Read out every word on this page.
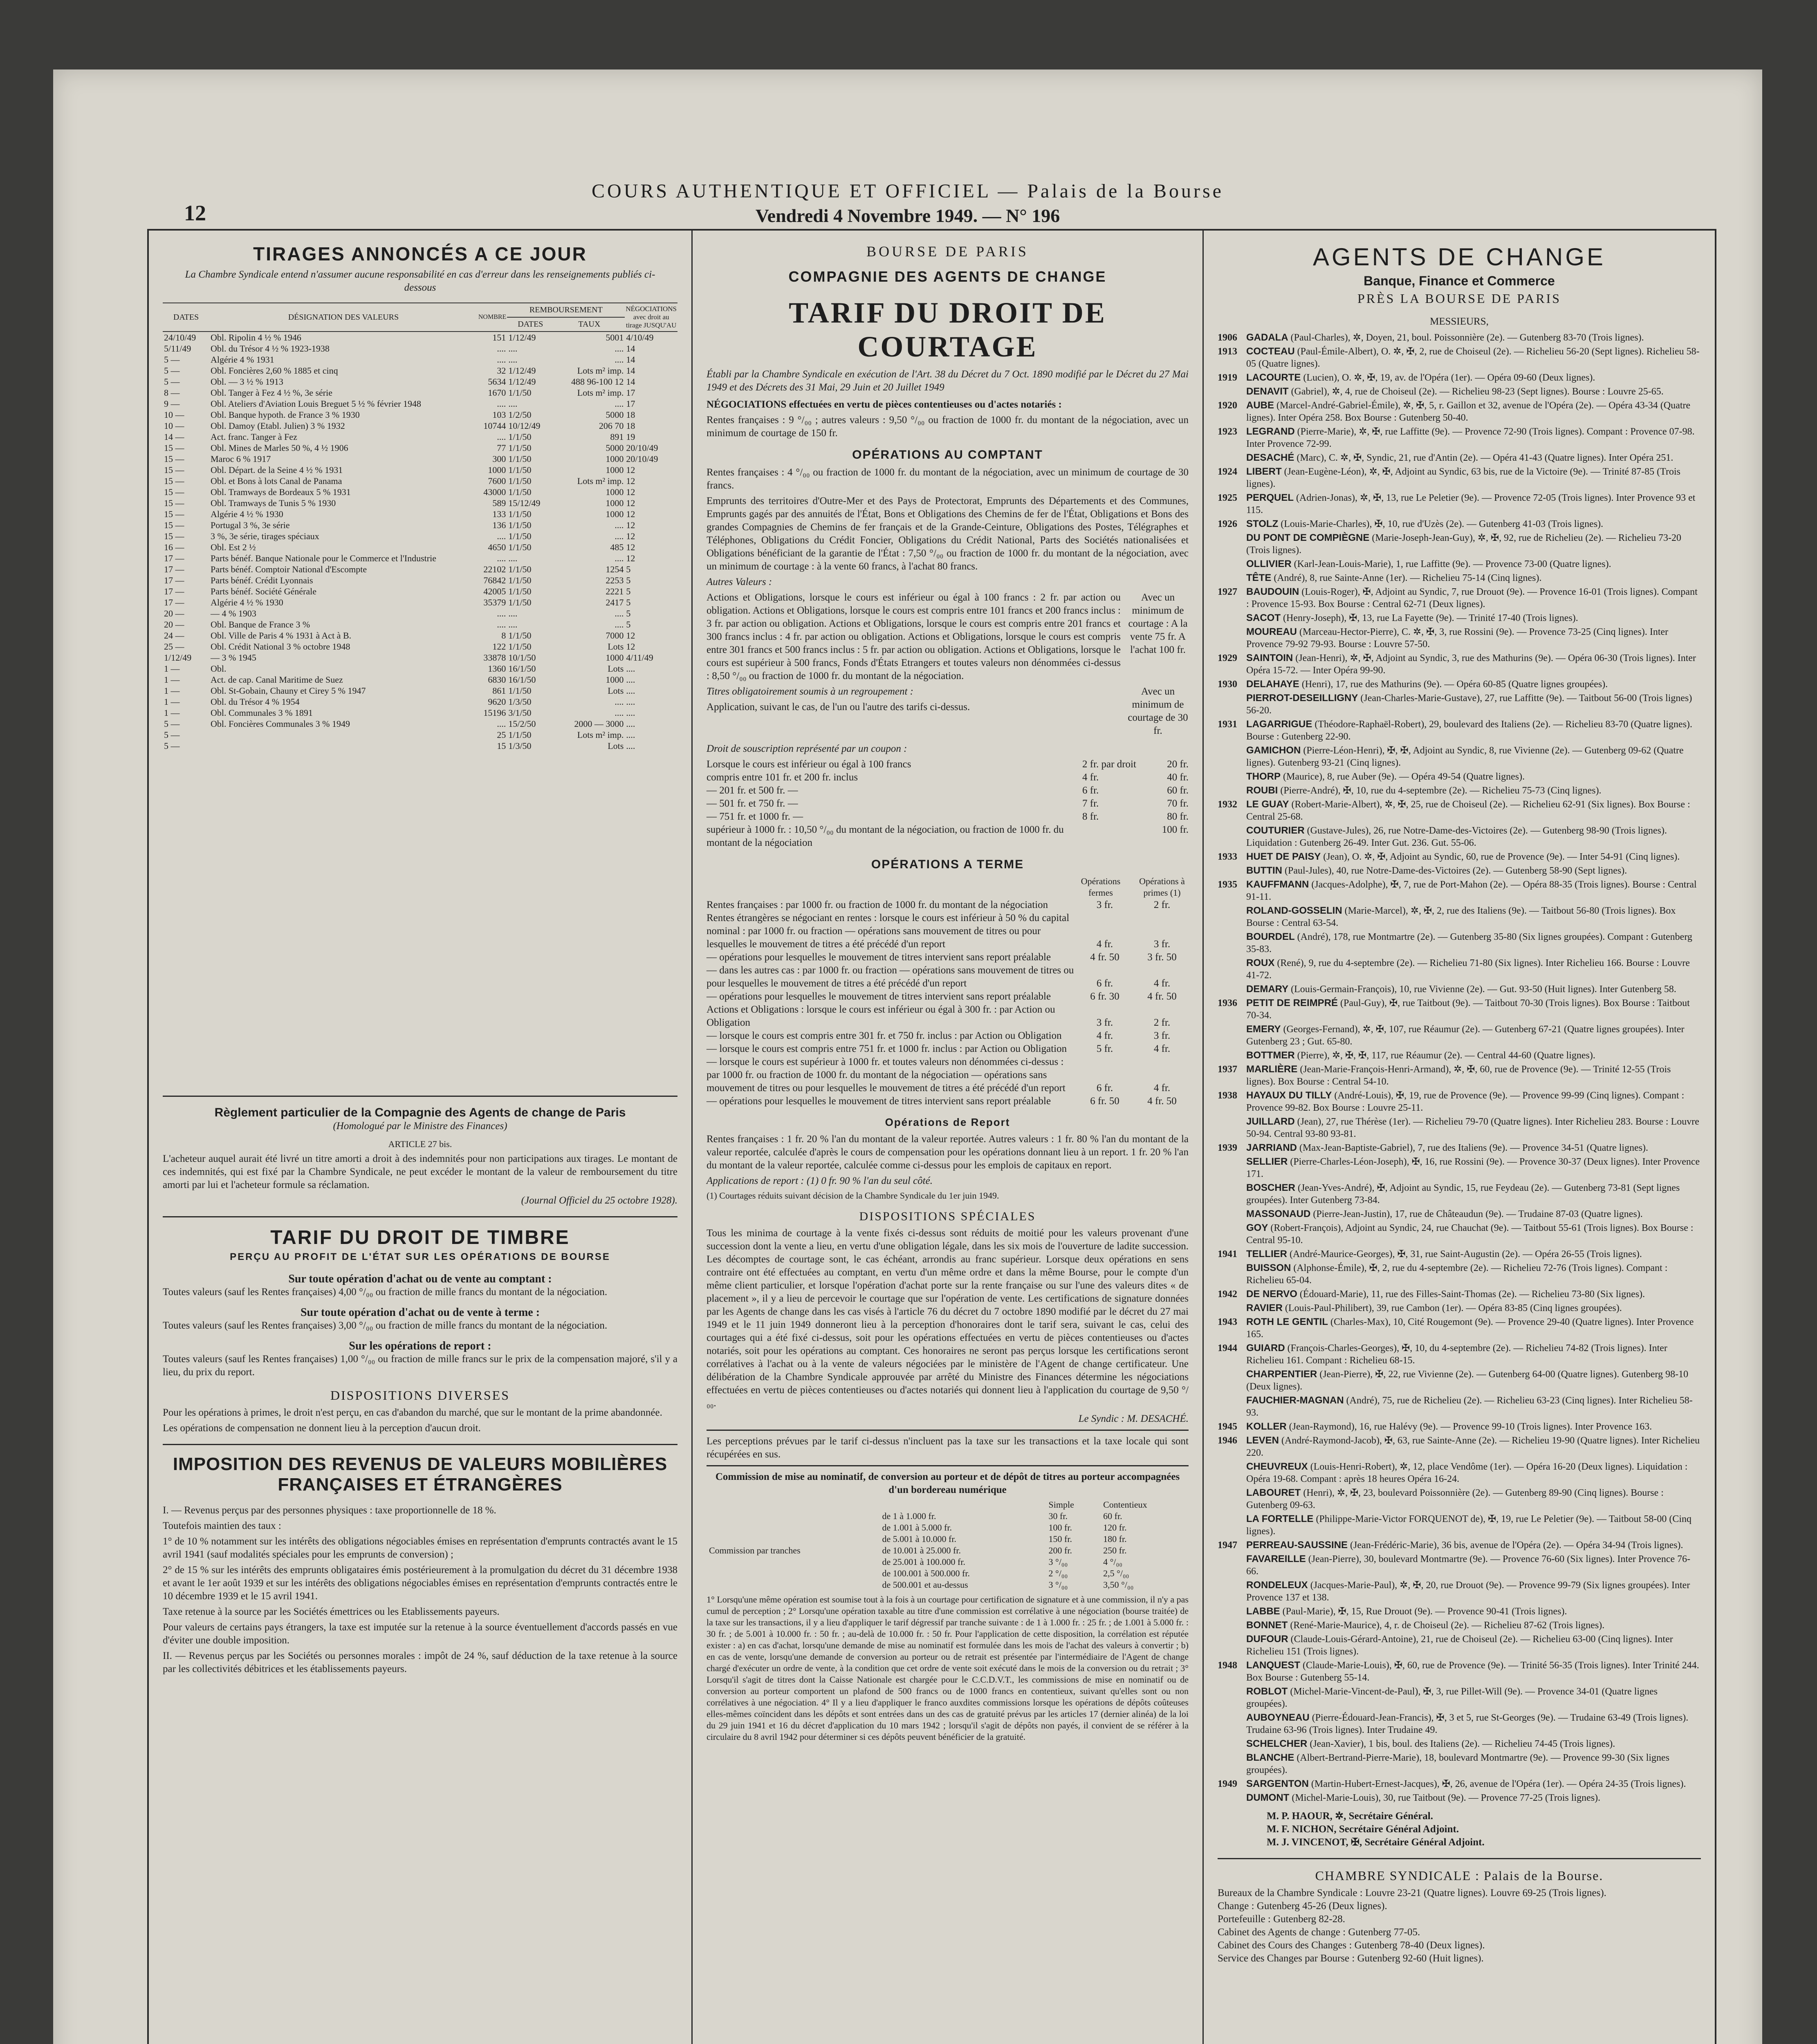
12
COURS AUTHENTIQUE ET OFFICIEL — Palais de la Bourse
Vendredi 4 Novembre 1949. — N° 196
TIRAGES ANNONCÉS A CE JOUR
La Chambre Syndicale entend n'assumer aucune responsabilité en cas d'erreur dans les renseignements publiés ci-dessous
DATES	DÉSIGNATION DES VALEURS	NOMBRE	REMBOURSEMENT		NÉGOCIATIONS avec droit au tirage JUSQU'AU
			DATES	TAUX	
24/10/49	Obl. Ripolin 4 ½ % 1946	151	1/12/49	5001	4/10/49
5/11/49	Obl. du Trésor 4 ½ % 1923-1938	....	....	....	14
5 —	Algérie 4 % 1931	....	....	....	14
5 —	Obl. Foncières 2,60 % 1885 et cinq	32	1/12/49	Lots m² imp.	14
5 —	Obl. — 3 ½ % 1913	5634	1/12/49	488 96-100 12	14
8 —	Obl. Tanger à Fez 4 ½ %, 3e série	1670	1/1/50	Lots m² imp.	17
9 —	Obl. Ateliers d'Aviation Louis Breguet 5 ½ % février 1948	....	....	....	17
10 —	Obl. Banque hypoth. de France 3 % 1930	103	1/2/50	5000	18
10 —	Obl. Damoy (Etabl. Julien) 3 % 1932	10744	10/12/49	206 70	18
14 —	Act. franc. Tanger à Fez	....	1/1/50	891	19
15 —	Obl. Mines de Marles 50 %, 4 ½ 1906	77	1/1/50	5000	20/10/49
15 —	Maroc 6 % 1917	300	1/1/50	1000	20/10/49
15 —	Obl. Départ. de la Seine 4 ½ % 1931	1000	1/1/50	1000	12
15 —	Obl. et Bons à lots Canal de Panama	7600	1/1/50	Lots m² imp.	12
15 —	Obl. Tramways de Bordeaux 5 % 1931	43000	1/1/50	1000	12
15 —	Obl. Tramways de Tunis 5 % 1930	589	15/12/49	1000	12
15 —	Algérie 4 ½ % 1930	133	1/1/50	1000	12
15 —	Portugal 3 %, 3e série	136	1/1/50	....	12
15 —	3 %, 3e série, tirages spéciaux	....	1/1/50	....	12
16 —	Obl. Est 2 ½	4650	1/1/50	485	12
17 —	Parts bénéf. Banque Nationale pour le Commerce et l'Industrie	....	....	....	12
17 —	Parts bénéf. Comptoir National d'Escompte	22102	1/1/50	1254	5
17 —	Parts bénéf. Crédit Lyonnais	76842	1/1/50	2253	5
17 —	Parts bénéf. Société Générale	42005	1/1/50	2221	5
17 —	Algérie 4 ½ % 1930	35379	1/1/50	2417	5
20 —	— 4 % 1903	....	....	....	5
20 —	Obl. Banque de France 3 %	....	....	....	5
24 —	Obl. Ville de Paris 4 % 1931 à Act à B.	8	1/1/50	7000	12
25 —	Obl. Crédit National 3 % octobre 1948	122	1/1/50	Lots	12
1/12/49	— 3 % 1945	33878	10/1/50	1000	4/11/49
1 —	Obl.	1360	16/1/50	Lots	....
1 —	Act. de cap. Canal Maritime de Suez	6830	16/1/50	1000	....
1 —	Obl. St-Gobain, Chauny et Cirey 5 % 1947	861	1/1/50	Lots	....
1 —	Obl. du Trésor 4 % 1954	9620	1/3/50	....	....
1 —	Obl. Communales 3 % 1891	15196	3/1/50	....	....
5 —	Obl. Foncières Communales 3 % 1949	....	15/2/50	2000 — 3000	....
5 —		25	1/1/50	Lots m² imp.	....
5 —		15	1/3/50	Lots	....
Règlement particulier de la Compagnie des Agents de change de Paris
(Homologué par le Ministre des Finances)
ARTICLE 27 bis.

L'acheteur auquel aurait été livré un titre amorti a droit à des indemnités pour non participations aux tirages. Le montant de ces indemnités, qui est fixé par la Chambre Syndicale, ne peut excéder le montant de la valeur de remboursement du titre amorti par lui et l'acheteur formule sa réclamation.

(Journal Officiel du 25 octobre 1928).

TARIF DU DROIT DE TIMBRE
PERÇU AU PROFIT DE L'ÉTAT SUR LES OPÉRATIONS DE BOURSE
Sur toute opération d'achat ou de vente au comptant :

Toutes valeurs (sauf les Rentes françaises) 4,00 °/₀₀ ou fraction de mille francs du montant de la négociation.

Sur toute opération d'achat ou de vente à terme :

Toutes valeurs (sauf les Rentes françaises) 3,00 °/₀₀ ou fraction de mille francs du montant de la négociation.

Sur les opérations de report :

Toutes valeurs (sauf les Rentes françaises) 1,00 °/₀₀ ou fraction de mille francs sur le prix de la compensation majoré, s'il y a lieu, du prix du report.

DISPOSITIONS DIVERSES

Pour les opérations à primes, le droit n'est perçu, en cas d'abandon du marché, que sur le montant de la prime abandonnée.

Les opérations de compensation ne donnent lieu à la perception d'aucun droit.

IMPOSITION DES REVENUS DE VALEURS MOBILIÈRES
FRANÇAISES ET ÉTRANGÈRES

I. — Revenus perçus par des personnes physiques : taxe proportionnelle de 18 %.

Toutefois maintien des taux :

1° de 10 % notamment sur les intérêts des obligations négociables émises en représentation d'emprunts contractés avant le 15 avril 1941 (sauf modalités spéciales pour les emprunts de conversion) ;

2° de 15 % sur les intérêts des emprunts obligataires émis postérieurement à la promulgation du décret du 31 décembre 1938 et avant le 1er août 1939 et sur les intérêts des obligations négociables émises en représentation d'emprunts contractés entre le 10 décembre 1939 et le 15 avril 1941.

Taxe retenue à la source par les Sociétés émettrices ou les Etablissements payeurs.

Pour valeurs de certains pays étrangers, la taxe est imputée sur la retenue à la source éventuellement d'accords passés en vue d'éviter une double imposition.

II. — Revenus perçus par les Sociétés ou personnes morales : impôt de 24 %, sauf déduction de la taxe retenue à la source par les collectivités débitrices et les établissements payeurs.

BOURSE DE PARIS
COMPAGNIE DES AGENTS DE CHANGE
TARIF DU DROIT DE COURTAGE

Établi par la Chambre Syndicale en exécution de l'Art. 38 du Décret du 7 Oct. 1890 modifié par le Décret du 27 Mai 1949 et des Décrets des 31 Mai, 29 Juin et 20 Juillet 1949

NÉGOCIATIONS effectuées en vertu de pièces contentieuses ou d'actes notariés :

Rentes françaises : 9 °/₀₀ ; autres valeurs : 9,50 °/₀₀ ou fraction de 1000 fr. du montant de la négociation, avec un minimum de courtage de 150 fr.

OPÉRATIONS AU COMPTANT

Rentes françaises : 4 °/₀₀ ou fraction de 1000 fr. du montant de la négociation, avec un minimum de courtage de 30 francs.

Emprunts des territoires d'Outre-Mer et des Pays de Protectorat, Emprunts des Départements et des Communes, Emprunts gagés par des annuités de l'État, Bons et Obligations des Chemins de fer de l'État, Obligations et Bons des grandes Compagnies de Chemins de fer français et de la Grande-Ceinture, Obligations des Postes, Télégraphes et Téléphones, Obligations du Crédit Foncier, Obligations du Crédit National, Parts des Sociétés nationalisées et Obligations bénéficiant de la garantie de l'État : 7,50 °/₀₀ ou fraction de 1000 fr. du montant de la négociation, avec un minimum de courtage : à la vente 60 francs, à l'achat 80 francs.

Autres Valeurs :

Actions et Obligations, lorsque le cours est inférieur ou égal à 100 francs : 2 fr. par action ou obligation. Actions et Obligations, lorsque le cours est compris entre 101 francs et 200 francs inclus : 3 fr. par action ou obligation. Actions et Obligations, lorsque le cours est compris entre 201 francs et 300 francs inclus : 4 fr. par action ou obligation. Actions et Obligations, lorsque le cours est compris entre 301 francs et 500 francs inclus : 5 fr. par action ou obligation. Actions et Obligations, lorsque le cours est supérieur à 500 francs, Fonds d'États Etrangers et toutes valeurs non dénommées ci-dessus : 8,50 °/₀₀ ou fraction de 1000 fr. du montant de la négociation.

Avec un minimum de courtage : A la vente 75 fr. A l'achat 100 fr.

Titres obligatoirement soumis à un regroupement :

Application, suivant le cas, de l'un ou l'autre des tarifs ci-dessus.

Avec un minimum de courtage de 30 fr.

Droit de souscription représenté par un coupon :

Lorsque le cours est inférieur ou égal à 100 francs	2 fr. par droit	20 fr.
compris entre 101 fr. et 200 fr. inclus	4 fr.	40 fr.
— 201 fr. et 500 fr. —	6 fr.	60 fr.
— 501 fr. et 750 fr. —	7 fr.	70 fr.
— 751 fr. et 1000 fr. —	8 fr.	80 fr.
supérieur à 1000 fr. : 10,50 °/₀₀ du montant de la négociation, ou fraction de 1000 fr. du montant de la négociation
100 fr.
OPÉRATIONS A TERME
Opérations fermes
Opérations à primes (1)
Rentes françaises : par 1000 fr. ou fraction de 1000 fr. du montant de la négociation	3 fr.	2 fr.
Rentes étrangères se négociant en rentes : lorsque le cours est inférieur à 50 % du capital nominal : par 1000 fr. ou fraction — opérations sans mouvement de titres ou pour lesquelles le mouvement de titres a été précédé d'un report	4 fr.	3 fr.
— opérations pour lesquelles le mouvement de titres intervient sans report préalable	4 fr. 50	3 fr. 50
— dans les autres cas : par 1000 fr. ou fraction — opérations sans mouvement de titres ou pour lesquelles le mouvement de titres a été précédé d'un report	6 fr.	4 fr.
— opérations pour lesquelles le mouvement de titres intervient sans report préalable	6 fr. 30	4 fr. 50
Actions et Obligations : lorsque le cours est inférieur ou égal à 300 fr. : par Action ou Obligation	3 fr.	2 fr.
— lorsque le cours est compris entre 301 fr. et 750 fr. inclus : par Action ou Obligation	4 fr.	3 fr.
— lorsque le cours est compris entre 751 fr. et 1000 fr. inclus : par Action ou Obligation	5 fr.	4 fr.
— lorsque le cours est supérieur à 1000 fr. et toutes valeurs non dénommées ci-dessus : par 1000 fr. ou fraction de 1000 fr. du montant de la négociation — opérations sans mouvement de titres ou pour lesquelles le mouvement de titres a été précédé d'un report	6 fr.	4 fr.
— opérations pour lesquelles le mouvement de titres intervient sans report préalable	6 fr. 50	4 fr. 50
Opérations de Report

Rentes françaises : 1 fr. 20 % l'an du montant de la valeur reportée. Autres valeurs : 1 fr. 80 % l'an du montant de la valeur reportée, calculée d'après le cours de compensation pour les opérations donnant lieu à un report. 1 fr. 20 % l'an du montant de la valeur reportée, calculée comme ci-dessus pour les emplois de capitaux en report.

Applications de report : (1) 0 fr. 90 % l'an du seul côté.

(1) Courtages réduits suivant décision de la Chambre Syndicale du 1er juin 1949.

DISPOSITIONS SPÉCIALES

Tous les minima de courtage à la vente fixés ci-dessus sont réduits de moitié pour les valeurs provenant d'une succession dont la vente a lieu, en vertu d'une obligation légale, dans les six mois de l'ouverture de ladite succession. Les décomptes de courtage sont, le cas échéant, arrondis au franc supérieur. Lorsque deux opérations en sens contraire ont été effectuées au comptant, en vertu d'un même ordre et dans la même Bourse, pour le compte d'un même client particulier, et lorsque l'opération d'achat porte sur la rente française ou sur l'une des valeurs dites « de placement », il y a lieu de percevoir le courtage que sur l'opération de vente. Les certifications de signature données par les Agents de change dans les cas visés à l'article 76 du décret du 7 octobre 1890 modifié par le décret du 27 mai 1949 et le 11 juin 1949 donneront lieu à la perception d'honoraires dont le tarif sera, suivant le cas, celui des courtages qui a été fixé ci-dessus, soit pour les opérations effectuées en vertu de pièces contentieuses ou d'actes notariés, soit pour les opérations au comptant. Ces honoraires ne seront pas perçus lorsque les certifications seront corrélatives à l'achat ou à la vente de valeurs négociées par le ministère de l'Agent de change certificateur. Une délibération de la Chambre Syndicale approuvée par arrêté du Ministre des Finances détermine les négociations effectuées en vertu de pièces contentieuses ou d'actes notariés qui donnent lieu à l'application du courtage de 9,50 °/₀₀.

Le Syndic : M. DESACHÉ.

Les perceptions prévues par le tarif ci-dessus n'incluent pas la taxe sur les transactions et la taxe locale qui sont récupérées en sus.

Commission de mise au nominatif, de conversion au porteur et de dépôt de titres au porteur accompagnées d'un bordereau numérique

		Simple	Contentieux
	de 1 à 1.000 fr.	30 fr.	60 fr.
	de 1.001 à 5.000 fr.	100 fr.	120 fr.
	de 5.001 à 10.000 fr.	150 fr.	180 fr.
Commission par tranches	de 10.001 à 25.000 fr.	200 fr.	250 fr.
	de 25.001 à 100.000 fr.	3 °/₀₀	4 °/₀₀
	de 100.001 à 500.000 fr.	2 °/₀₀	2,5 °/₀₀
	de 500.001 et au-dessus	3 °/₀₀	3,50 °/₀₀

1° Lorsqu'une même opération est soumise tout à la fois à un courtage pour certification de signature et à une commission, il n'y a pas cumul de perception ; 2° Lorsqu'une opération taxable au titre d'une commission est corrélative à une négociation (bourse traitée) de la taxe sur les transactions, il y a lieu d'appliquer le tarif dégressif par tranche suivante : de 1 à 1.000 fr. : 25 fr. ; de 1.001 à 5.000 fr. : 30 fr. ; de 5.001 à 10.000 fr. : 50 fr. ; au-delà de 10.000 fr. : 50 fr. Pour l'application de cette disposition, la corrélation est réputée exister : a) en cas d'achat, lorsqu'une demande de mise au nominatif est formulée dans les mois de l'achat des valeurs à convertir ; b) en cas de vente, lorsqu'une demande de conversion au porteur ou de retrait est présentée par l'intermédiaire de l'Agent de change chargé d'exécuter un ordre de vente, à la condition que cet ordre de vente soit exécuté dans le mois de la conversion ou du retrait ; 3° Lorsqu'il s'agit de titres dont la Caisse Nationale est chargée pour le C.C.D.V.T., les commissions de mise en nominatif ou de conversion au porteur comportent un plafond de 500 francs ou de 1000 francs en contentieux, suivant qu'elles sont ou non corrélatives à une négociation. 4° Il y a lieu d'appliquer le franco auxdites commissions lorsque les opérations de dépôts coûteuses elles-mêmes coïncident dans les dépôts et sont entrées dans un des cas de gratuité prévus par les articles 17 (dernier alinéa) de la loi du 29 juin 1941 et 16 du décret d'application du 10 mars 1942 ; lorsqu'il s'agit de dépôts non payés, il convient de se référer à la circulaire du 8 avril 1942 pour déterminer si ces dépôts peuvent bénéficier de la gratuité.

AGENTS DE CHANGE
Banque, Finance et Commerce
PRÈS LA BOURSE DE PARIS
MESSIEURS,
1906 GADALA (Paul-Charles), ✲, Doyen, 21, boul. Poissonnière (2e). — Gutenberg 83-70 (Trois lignes).
1913 COCTEAU (Paul-Émile-Albert), O. ✲, ✠, 2, rue de Choiseul (2e). — Richelieu 56-20 (Sept lignes). Richelieu 58-05 (Quatre lignes).
1919 LACOURTE (Lucien), O. ✲, ✠, 19, av. de l'Opéra (1er). — Opéra 09-60 (Deux lignes).
DENAVIT (Gabriel), ✲, 4, rue de Choiseul (2e). — Richelieu 98-23 (Sept lignes). Bourse : Louvre 25-65.
1920 AUBE (Marcel-André-Gabriel-Émile), ✲, ✠, 5, r. Gaillon et 32, avenue de l'Opéra (2e). — Opéra 43-34 (Quatre lignes). Inter Opéra 258. Box Bourse : Gutenberg 50-40.
1923 LEGRAND (Pierre-Marie), ✲, ✠, rue Laffitte (9e). — Provence 72-90 (Trois lignes). Compant : Provence 07-98. Inter Provence 72-99.
DESACHÉ (Marc), C. ✲, ✠, Syndic, 21, rue d'Antin (2e). — Opéra 41-43 (Quatre lignes). Inter Opéra 251.
1924 LIBERT (Jean-Eugène-Léon), ✲, ✠, Adjoint au Syndic, 63 bis, rue de la Victoire (9e). — Trinité 87-85 (Trois lignes).
1925 PERQUEL (Adrien-Jonas), ✲, ✠, 13, rue Le Peletier (9e). — Provence 72-05 (Trois lignes). Inter Provence 93 et 115.
1926 STOLZ (Louis-Marie-Charles), ✠, 10, rue d'Uzès (2e). — Gutenberg 41-03 (Trois lignes).
DU PONT DE COMPIÈGNE (Marie-Joseph-Jean-Guy), ✲, ✠, 92, rue de Richelieu (2e). — Richelieu 73-20 (Trois lignes).
OLLIVIER (Karl-Jean-Louis-Marie), 1, rue Laffitte (9e). — Provence 73-00 (Quatre lignes).
TÊTE (André), 8, rue Sainte-Anne (1er). — Richelieu 75-14 (Cinq lignes).
1927 BAUDOUIN (Louis-Roger), ✠, Adjoint au Syndic, 7, rue Drouot (9e). — Provence 16-01 (Trois lignes). Compant : Provence 15-93. Box Bourse : Central 62-71 (Deux lignes).
SACOT (Henry-Joseph), ✠, 13, rue La Fayette (9e). — Trinité 17-40 (Trois lignes).
MOUREAU (Marceau-Hector-Pierre), C. ✲, ✠, 3, rue Rossini (9e). — Provence 73-25 (Cinq lignes). Inter Provence 79-92 79-93. Bourse : Louvre 57-50.
1929 SAINTOIN (Jean-Henri), ✲, ✠, Adjoint au Syndic, 3, rue des Mathurins (9e). — Opéra 06-30 (Trois lignes). Inter Opéra 15-72. — Inter Opéra 99-90.
1930 DELAHAYE (Henri), 17, rue des Mathurins (9e). — Opéra 60-85 (Quatre lignes groupées).
PIERROT-DESEILLIGNY (Jean-Charles-Marie-Gustave), 27, rue Laffitte (9e). — Taitbout 56-00 (Trois lignes) 56-20.
1931 LAGARRIGUE (Théodore-Raphaël-Robert), 29, boulevard des Italiens (2e). — Richelieu 83-70 (Quatre lignes). Bourse : Gutenberg 22-90.
GAMICHON (Pierre-Léon-Henri), ✠, ✠, Adjoint au Syndic, 8, rue Vivienne (2e). — Gutenberg 09-62 (Quatre lignes). Gutenberg 93-21 (Cinq lignes).
THORP (Maurice), 8, rue Auber (9e). — Opéra 49-54 (Quatre lignes).
ROUBI (Pierre-André), ✠, 10, rue du 4-septembre (2e). — Richelieu 75-73 (Cinq lignes).
1932 LE GUAY (Robert-Marie-Albert), ✲, ✠, 25, rue de Choiseul (2e). — Richelieu 62-91 (Six lignes). Box Bourse : Central 25-68.
COUTURIER (Gustave-Jules), 26, rue Notre-Dame-des-Victoires (2e). — Gutenberg 98-90 (Trois lignes). Liquidation : Gutenberg 26-49. Inter Gut. 236. Gut. 55-06.
1933 HUET DE PAISY (Jean), O. ✲, ✠, Adjoint au Syndic, 60, rue de Provence (9e). — Inter 54-91 (Cinq lignes).
BUTTIN (Paul-Jules), 40, rue Notre-Dame-des-Victoires (2e). — Gutenberg 58-90 (Sept lignes).
1935 KAUFFMANN (Jacques-Adolphe), ✠, 7, rue de Port-Mahon (2e). — Opéra 88-35 (Trois lignes). Bourse : Central 91-11.
ROLAND-GOSSELIN (Marie-Marcel), ✲, ✠, 2, rue des Italiens (9e). — Taitbout 56-80 (Trois lignes). Box Bourse : Central 63-54.
BOURDEL (André), 178, rue Montmartre (2e). — Gutenberg 35-80 (Six lignes groupées). Compant : Gutenberg 35-83.
ROUX (René), 9, rue du 4-septembre (2e). — Richelieu 71-80 (Six lignes). Inter Richelieu 166. Bourse : Louvre 41-72.
DEMARY (Louis-Germain-François), 10, rue Vivienne (2e). — Gut. 93-50 (Huit lignes). Inter Gutenberg 58.
1936 PETIT DE REIMPRÉ (Paul-Guy), ✠, rue Taitbout (9e). — Taitbout 70-30 (Trois lignes). Box Bourse : Taitbout 70-34.
EMERY (Georges-Fernand), ✲, ✠, 107, rue Réaumur (2e). — Gutenberg 67-21 (Quatre lignes groupées). Inter Gutenberg 23 ; Gut. 65-80.
BOTTMER (Pierre), ✲, ✠, ✠, 117, rue Réaumur (2e). — Central 44-60 (Quatre lignes).
1937 MARLIÈRE (Jean-Marie-François-Henri-Armand), ✲, ✠, 60, rue de Provence (9e). — Trinité 12-55 (Trois lignes). Box Bourse : Central 54-10.
1938 HAYAUX DU TILLY (André-Louis), ✠, 19, rue de Provence (9e). — Provence 99-99 (Cinq lignes). Compant : Provence 99-82. Box Bourse : Louvre 25-11.
JUILLARD (Jean), 27, rue Thérèse (1er). — Richelieu 79-70 (Quatre lignes). Inter Richelieu 283. Bourse : Louvre 50-94. Central 93-80 93-81.
1939 JARRIAND (Max-Jean-Baptiste-Gabriel), 7, rue des Italiens (9e). — Provence 34-51 (Quatre lignes).
SELLIER (Pierre-Charles-Léon-Joseph), ✠, 16, rue Rossini (9e). — Provence 30-37 (Deux lignes). Inter Provence 171.
BOSCHER (Jean-Yves-André), ✠, Adjoint au Syndic, 15, rue Feydeau (2e). — Gutenberg 73-81 (Sept lignes groupées). Inter Gutenberg 73-84.
MASSONAUD (Pierre-Jean-Justin), 17, rue de Châteaudun (9e). — Trudaine 87-03 (Quatre lignes).
GOY (Robert-François), Adjoint au Syndic, 24, rue Chauchat (9e). — Taitbout 55-61 (Trois lignes). Box Bourse : Central 95-10.
1941 TELLIER (André-Maurice-Georges), ✠, 31, rue Saint-Augustin (2e). — Opéra 26-55 (Trois lignes).
BUISSON (Alphonse-Émile), ✠, 2, rue du 4-septembre (2e). — Richelieu 72-76 (Trois lignes). Compant : Richelieu 65-04.
1942 DE NERVO (Édouard-Marie), 11, rue des Filles-Saint-Thomas (2e). — Richelieu 73-80 (Six lignes).
RAVIER (Louis-Paul-Philibert), 39, rue Cambon (1er). — Opéra 83-85 (Cinq lignes groupées).
1943 ROTH LE GENTIL (Charles-Max), 10, Cité Rougemont (9e). — Provence 29-40 (Quatre lignes). Inter Provence 165.
1944 GUIARD (François-Charles-Georges), ✠, 10, du 4-septembre (2e). — Richelieu 74-82 (Trois lignes). Inter Richelieu 161. Compant : Richelieu 68-15.
CHARPENTIER (Jean-Pierre), ✠, 22, rue Vivienne (2e). — Gutenberg 64-00 (Quatre lignes). Gutenberg 98-10 (Deux lignes).
FAUCHIER-MAGNAN (André), 75, rue de Richelieu (2e). — Richelieu 63-23 (Cinq lignes). Inter Richelieu 58-93.
1945 KOLLER (Jean-Raymond), 16, rue Halévy (9e). — Provence 99-10 (Trois lignes). Inter Provence 163.
1946 LEVEN (André-Raymond-Jacob), ✠, 63, rue Sainte-Anne (2e). — Richelieu 19-90 (Quatre lignes). Inter Richelieu 220.
CHEUVREUX (Louis-Henri-Robert), ✲, 12, place Vendôme (1er). — Opéra 16-20 (Deux lignes). Liquidation : Opéra 19-68. Compant : après 18 heures Opéra 16-24.
LABOURET (Henri), ✲, ✠, 23, boulevard Poissonnière (2e). — Gutenberg 89-90 (Cinq lignes). Bourse : Gutenberg 09-63.
LA FORTELLE (Philippe-Marie-Victor FORQUENOT de), ✠, 19, rue Le Peletier (9e). — Taitbout 58-00 (Cinq lignes).
1947 PERREAU-SAUSSINE (Jean-Frédéric-Marie), 36 bis, avenue de l'Opéra (2e). — Opéra 34-94 (Trois lignes).
FAVAREILLE (Jean-Pierre), 30, boulevard Montmartre (9e). — Provence 76-60 (Six lignes). Inter Provence 76-66.
RONDELEUX (Jacques-Marie-Paul), ✲, ✠, 20, rue Drouot (9e). — Provence 99-79 (Six lignes groupées). Inter Provence 137 et 138.
LABBE (Paul-Marie), ✠, 15, Rue Drouot (9e). — Provence 90-41 (Trois lignes).
BONNET (René-Marie-Maurice), 4, r. de Choiseul (2e). — Richelieu 87-62 (Trois lignes).
DUFOUR (Claude-Louis-Gérard-Antoine), 21, rue de Choiseul (2e). — Richelieu 63-00 (Cinq lignes). Inter Richelieu 151 (Trois lignes).
1948 LANQUEST (Claude-Marie-Louis), ✠, 60, rue de Provence (9e). — Trinité 56-35 (Trois lignes). Inter Trinité 244. Box Bourse : Gutenberg 55-14.
ROBLOT (Michel-Marie-Vincent-de-Paul), ✠, 3, rue Pillet-Will (9e). — Provence 34-01 (Quatre lignes groupées).
AUBOYNEAU (Pierre-Édouard-Jean-Francis), ✠, 3 et 5, rue St-Georges (9e). — Trudaine 63-49 (Trois lignes). Trudaine 63-96 (Trois lignes). Inter Trudaine 49.
SCHELCHER (Jean-Xavier), 1 bis, boul. des Italiens (2e). — Richelieu 74-45 (Trois lignes).
BLANCHE (Albert-Bertrand-Pierre-Marie), 18, boulevard Montmartre (9e). — Provence 99-30 (Six lignes groupées).
1949 SARGENTON (Martin-Hubert-Ernest-Jacques), ✠, 26, avenue de l'Opéra (1er). — Opéra 24-35 (Trois lignes).
DUMONT (Michel-Marie-Louis), 30, rue Taitbout (9e). — Provence 77-25 (Trois lignes).
M. P. HAOUR, ✲, Secrétaire Général.
M. F. NICHON, Secrétaire Général Adjoint.
M. J. VINCENOT, ✠, Secrétaire Général Adjoint.
CHAMBRE SYNDICALE : Palais de la Bourse.
Bureaux de la Chambre Syndicale : Louvre 23-21 (Quatre lignes). Louvre 69-25 (Trois lignes).
Change : Gutenberg 45-26 (Deux lignes).
Portefeuille : Gutenberg 82-28.
Cabinet des Agents de change : Gutenberg 77-05.
Cabinet des Cours des Changes : Gutenberg 78-40 (Deux lignes).
Service des Changes par Bourse : Gutenberg 92-60 (Huit lignes).
